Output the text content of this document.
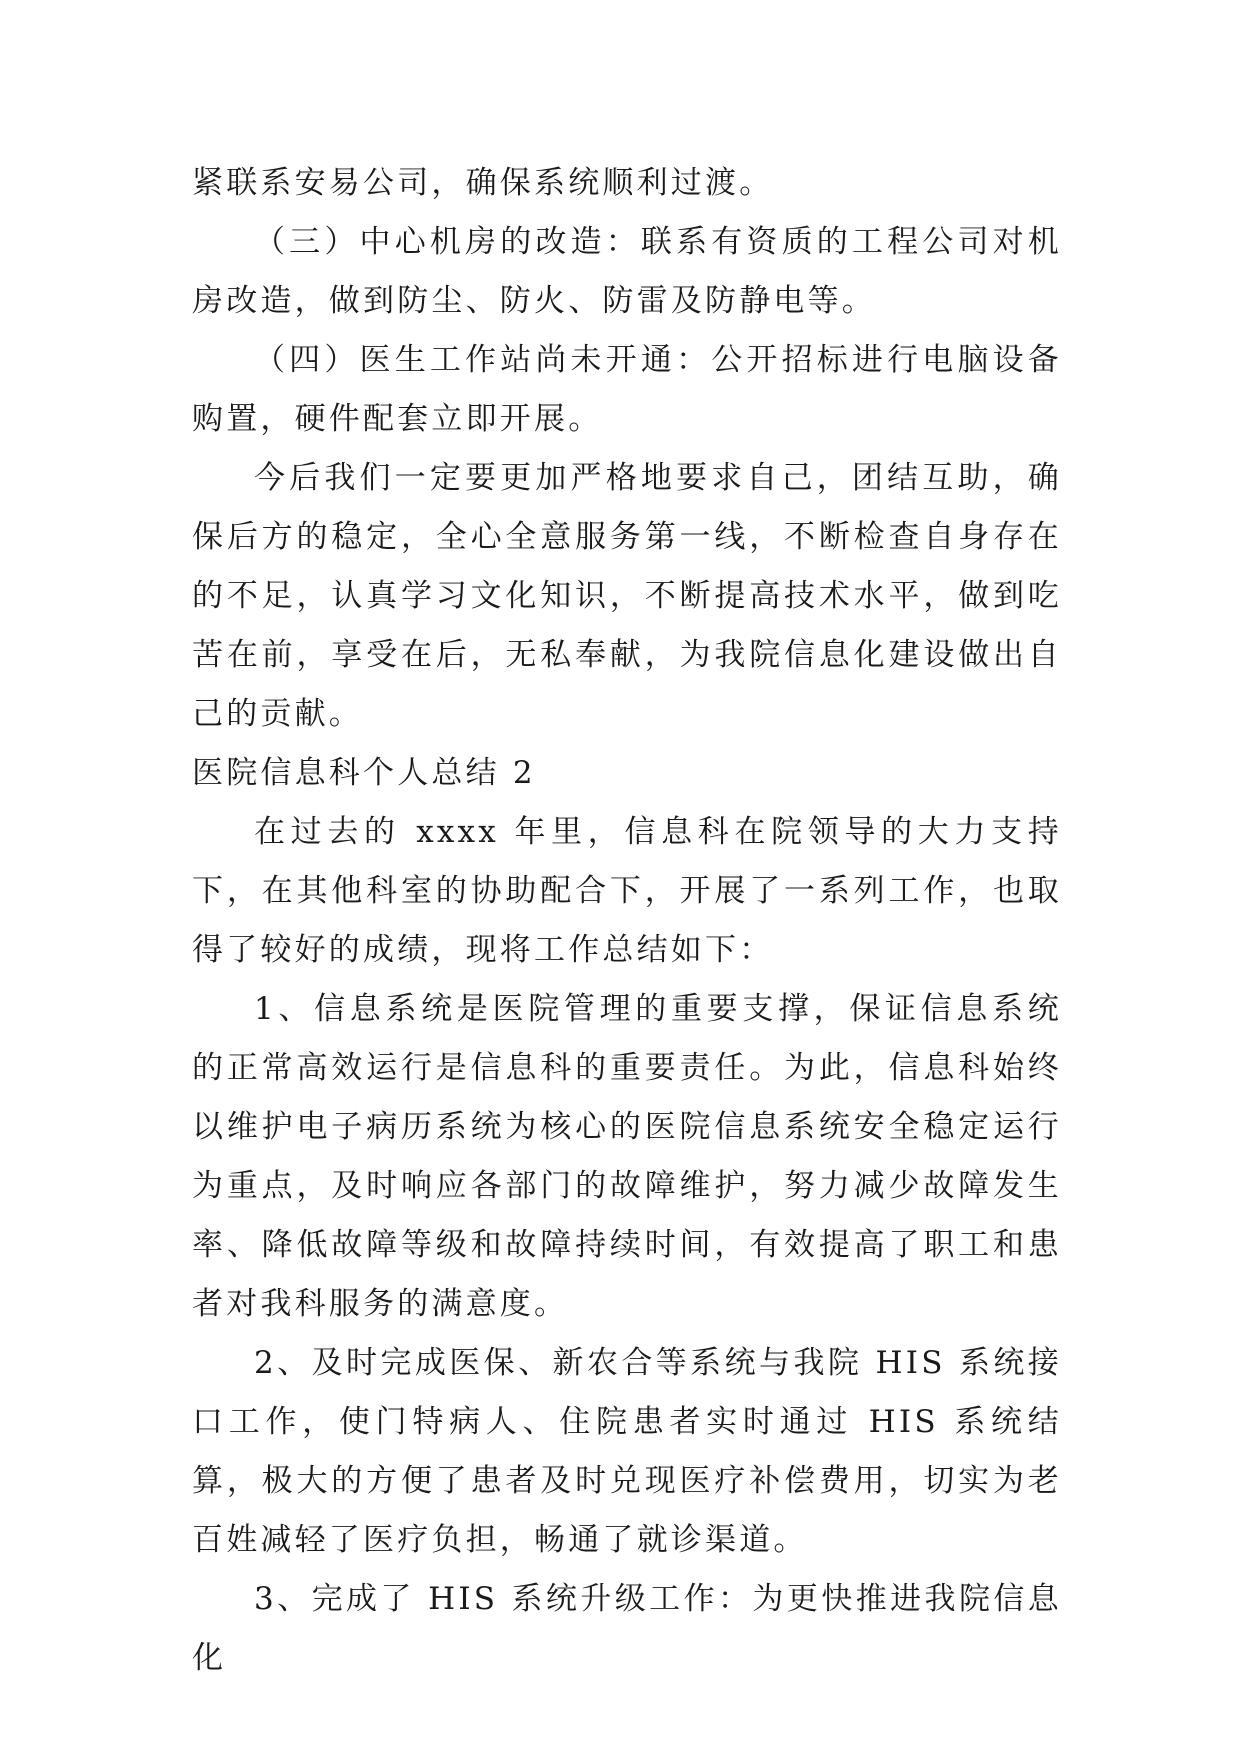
紧联系安易公司，确保系统顺利过渡。

（三）中心机房的改造：联系有资质的工程公司对机房改造，做到防尘、防火、防雷及防静电等。

（四）医生工作站尚未开通：公开招标进行电脑设备购置，硬件配套立即开展。

今后我们一定要更加严格地要求自己，团结互助，确保后方的稳定，全心全意服务第一线，不断检查自身存在的不足，认真学习文化知识，不断提高技术水平，做到吃苦在前，享受在后，无私奉献，为我院信息化建设做出自己的贡献。

医院信息科个人总结 2

在过去的 xxxx 年里，信息科在院领导的大力支持下，在其他科室的协助配合下，开展了一系列工作，也取得了较好的成绩，现将工作总结如下：

1、信息系统是医院管理的重要支撑，保证信息系统的正常高效运行是信息科的重要责任。为此，信息科始终以维护电子病历系统为核心的医院信息系统安全稳定运行为重点，及时响应各部门的故障维护，努力减少故障发生率、降低故障等级和故障持续时间，有效提高了职工和患者对我科服务的满意度。

2、及时完成医保、新农合等系统与我院 HIS 系统接口工作，使门特病人、住院患者实时通过 HIS 系统结算，极大的方便了患者及时兑现医疗补偿费用，切实为老百姓减轻了医疗负担，畅通了就诊渠道。

3、完成了 HIS 系统升级工作：为更快推进我院信息化
